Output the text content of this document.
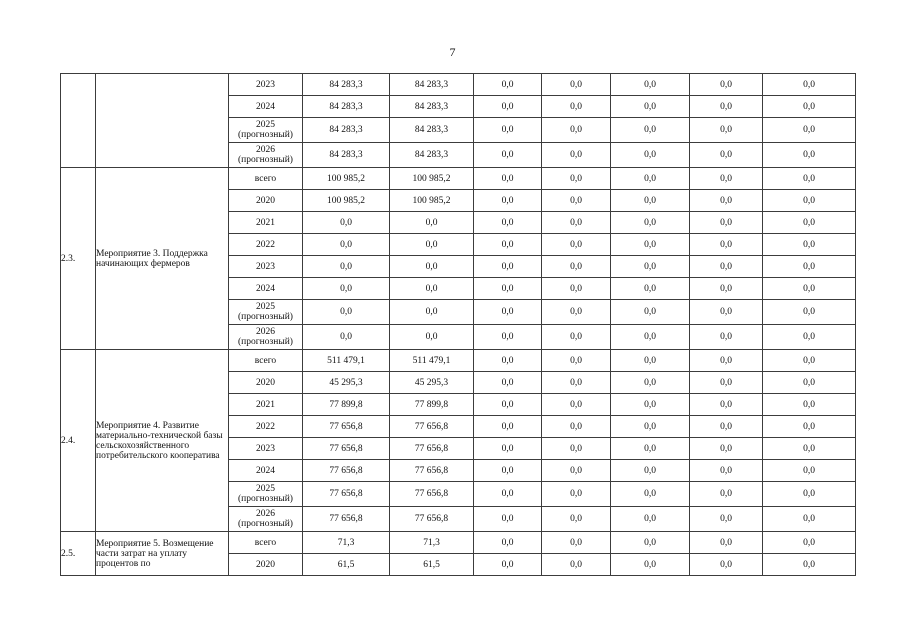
7
		2023	84 283,3	84 283,3	0,0	0,0	0,0	0,0	0,0
		2024	84 283,3	84 283,3	0,0	0,0	0,0	0,0	0,0
		2025 (прогнозный)	84 283,3	84 283,3	0,0	0,0	0,0	0,0	0,0
		2026 (прогнозный)	84 283,3	84 283,3	0,0	0,0	0,0	0,0	0,0
2.3.	Мероприятие 3. Поддержка начинающих фермеров	всего	100 985,2	100 985,2	0,0	0,0	0,0	0,0	0,0
		2020	100 985,2	100 985,2	0,0	0,0	0,0	0,0	0,0
		2021	0,0	0,0	0,0	0,0	0,0	0,0	0,0
		2022	0,0	0,0	0,0	0,0	0,0	0,0	0,0
		2023	0,0	0,0	0,0	0,0	0,0	0,0	0,0
		2024	0,0	0,0	0,0	0,0	0,0	0,0	0,0
		2025 (прогнозный)	0,0	0,0	0,0	0,0	0,0	0,0	0,0
		2026 (прогнозный)	0,0	0,0	0,0	0,0	0,0	0,0	0,0
2.4.	Мероприятие 4. Развитие материально-технической базы сельскохозяйственного потребительского кооператива	всего	511 479,1	511 479,1	0,0	0,0	0,0	0,0	0,0
		2020	45 295,3	45 295,3	0,0	0,0	0,0	0,0	0,0
		2021	77 899,8	77 899,8	0,0	0,0	0,0	0,0	0,0
		2022	77 656,8	77 656,8	0,0	0,0	0,0	0,0	0,0
		2023	77 656,8	77 656,8	0,0	0,0	0,0	0,0	0,0
		2024	77 656,8	77 656,8	0,0	0,0	0,0	0,0	0,0
		2025 (прогнозный)	77 656,8	77 656,8	0,0	0,0	0,0	0,0	0,0
		2026 (прогнозный)	77 656,8	77 656,8	0,0	0,0	0,0	0,0	0,0
2.5.	Мероприятие 5. Возмещение части затрат на уплату процентов по	всего	71,3	71,3	0,0	0,0	0,0	0,0	0,0
		2020	61,5	61,5	0,0	0,0	0,0	0,0	0,0
